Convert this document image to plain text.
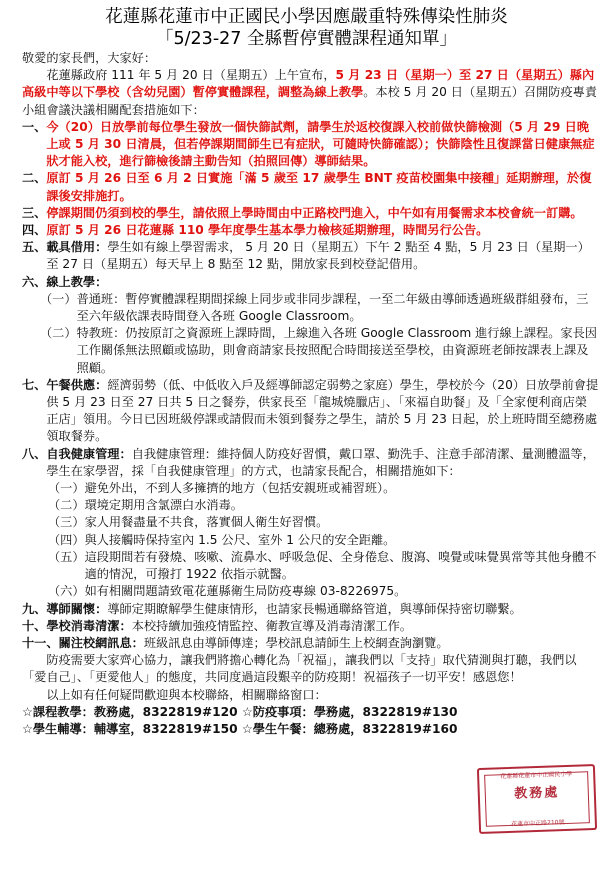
花蓮縣花蓮市中正國民小學因應嚴重特殊傳染性肺炎
「5/23-27 全縣暫停實體課程通知單」

敬愛的家長們，大家好：

花蓮縣政府 111 年 5 月 20 日（星期五）上午宣布，5 月 23 日（星期一）至 27 日（星期五）縣內高級中等以下學校（含幼兒園）暫停實體課程，調整為線上教學。本校 5 月 20 日（星期五）召開防疫專責小組會議決議相關配套措施如下：

一、 今（20）日放學前每位學生發放一個快篩試劑，請學生於返校復課入校前做快篩檢測（5 月 29 日晚上或 5 月 30 日清晨，但若停課期間師生已有症狀，可隨時快篩確認）；快篩陰性且復課當日健康無症狀才能入校，進行篩檢後請主動告知（拍照回傳）導師結果。
二、 原訂 5 月 26 日至 6 月 2 日實施「滿 5 歲至 17 歲學生 BNT 疫苗校園集中接種」延期辦理，於復課後安排施打。
三、 停課期間仍須到校的學生，請依照上學時間由中正路校門進入，中午如有用餐需求本校會統一訂購。
四、 原訂 5 月 26 日花蓮縣 110 學年度學生基本學力檢核延期辦理，時間另行公告。
五、 載具借用：學生如有線上學習需求， 5 月 20 日（星期五）下午 2 點至 4 點，5 月 23 日（星期一）至 27 日（星期五）每天早上 8 點至 12 點，開放家長到校登記借用。
六、 線上教學：
（一） 普通班：暫停實體課程期間採線上同步或非同步課程，一至二年級由導師透過班級群組發布，三至六年級依課表時間登入各班 Google Classroom。
（二） 特教班：仍按原訂之資源班上課時間，上線進入各班 Google Classroom 進行線上課程。家長因工作關係無法照顧或協助，則會商請家長按照配合時間接送至學校，由資源班老師按課表上課及照顧。
七、 午餐供應：經濟弱勢（低、中低收入戶及經導師認定弱勢之家庭）學生，學校於今（20）日放學前會提供 5 月 23 日至 27 日共 5 日之餐券，供家長至「龍城燒臘店」、「來福自助餐」及「全家便利商店榮正店」領用。今日已因班級停課或請假而未領到餐券之學生，請於 5 月 23 日起，於上班時間至總務處領取餐券。
八、 自我健康管理：自我健康管理：維持個人防疫好習慣，戴口罩、勤洗手、注意手部清潔、量測體溫等，學生在家學習，採「自我健康管理」的方式，也請家長配合，相關措施如下：
（一） 避免外出，不到人多擁擠的地方（包括安親班或補習班）。
（二） 環境定期用含氯漂白水消毒。
（三） 家人用餐盡量不共食，落實個人衛生好習慣。
（四） 與人接觸時保持室內 1.5 公尺、室外 1 公尺的安全距離。
（五） 這段期間若有發燒、咳嗽、流鼻水、呼吸急促、全身倦怠、腹瀉、嗅覺或味覺異常等其他身體不適的情況，可撥打 1922 依指示就醫。
（六） 如有相關問題請致電花蓮縣衛生局防疫專線 03-8226975。
九、 導師關懷：導師定期瞭解學生健康情形，也請家長暢通聯絡管道，與導師保持密切聯繫。
十、 學校消毒清潔：本校持續加強疫情監控、衛教宣導及消毒清潔工作。
十一、 關注校網訊息：班級訊息由導師傳達；學校訊息請師生上校網查詢瀏覽。

防疫需要大家齊心協力，讓我們將擔心轉化為「祝福」，讓我們以「支持」取代猜測與打聽，我們以「愛自己」、「更愛他人」的態度，共同度過這段艱辛的防疫期！祝福孩子一切平安！感恩您！

以上如有任何疑問歡迎與本校聯絡，相關聯絡窗口：

☆課程教學：教務處，8322819#120 ☆防疫事項：學務處，8322819#130

☆學生輔導：輔導室，8322819#150 ☆學生午餐：總務處，8322819#160

花蓮縣花蓮市中正國民小學
教務處
花蓮市中正路210號
